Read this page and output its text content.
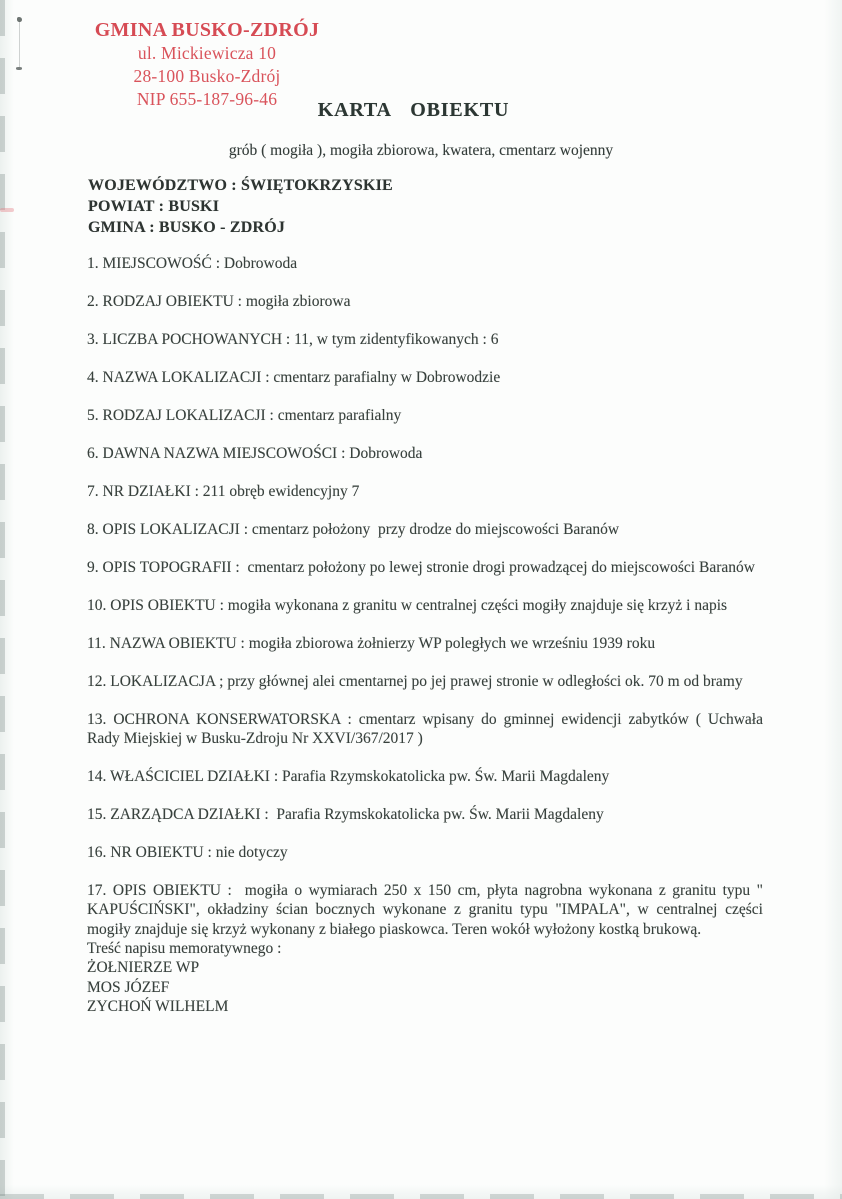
GMINA BUSKO-ZDRÓJ
ul. Mickiewicza 10
28-100 Busko-Zdrój
NIP 655-187-96-46	KARTA  OBIEKTU
grób ( mogiła ), mogiła zbiorowa, kwatera, cmentarz wojenny
WOJEWÓDZTWO : ŚWIĘTOKRZYSKIE
POWIAT : BUSKI
GMINA : BUSKO - ZDRÓJ

1. MIEJSCOWOŚĆ : Dobrowoda

2. RODZAJ OBIEKTU : mogiła zbiorowa

3. LICZBA POCHOWANYCH : 11, w tym zidentyfikowanych : 6

4. NAZWA LOKALIZACJI : cmentarz parafialny w Dobrowodzie

5. RODZAJ LOKALIZACJI : cmentarz parafialny

6. DAWNA NAZWA MIEJSCOWOŚCI : Dobrowoda

7. NR DZIAŁKI : 211 obręb ewidencyjny 7

8. OPIS LOKALIZACJI : cmentarz położony  przy drodze do miejscowości Baranów

9. OPIS TOPOGRAFII :  cmentarz położony po lewej stronie drogi prowadzącej do miejscowości Baranów

10. OPIS OBIEKTU : mogiła wykonana z granitu w centralnej części mogiły znajduje się krzyż i napis

11. NAZWA OBIEKTU : mogiła zbiorowa żołnierzy WP poległych we wrześniu 1939 roku

12. LOKALIZACJA ; przy głównej alei cmentarnej po jej prawej stronie w odległości ok. 70 m od bramy

13. OCHRONA KONSERWATORSKA : cmentarz wpisany do gminnej ewidencji zabytków ( Uchwała Rady Miejskiej w Busku-Zdroju Nr XXVI/367/2017 )

14. WŁAŚCICIEL DZIAŁKI : Parafia Rzymskokatolicka pw. Św. Marii Magdaleny

15. ZARZĄDCA DZIAŁKI :  Parafia Rzymskokatolicka pw. Św. Marii Magdaleny

16. NR OBIEKTU : nie dotyczy

17. OPIS OBIEKTU :  mogiła o wymiarach 250 x 150 cm, płyta nagrobna wykonana z granitu typu " KAPUŚCIŃSKI", okładziny ścian bocznych wykonane z granitu typu "IMPALA", w centralnej części mogiły znajduje się krzyż wykonany z białego piaskowca. Teren wokół wyłożony kostką brukową.

Treść napisu memoratywnego :

ŻOŁNIERZE WP

MOS JÓZEF

ZYCHOŃ WILHELM
